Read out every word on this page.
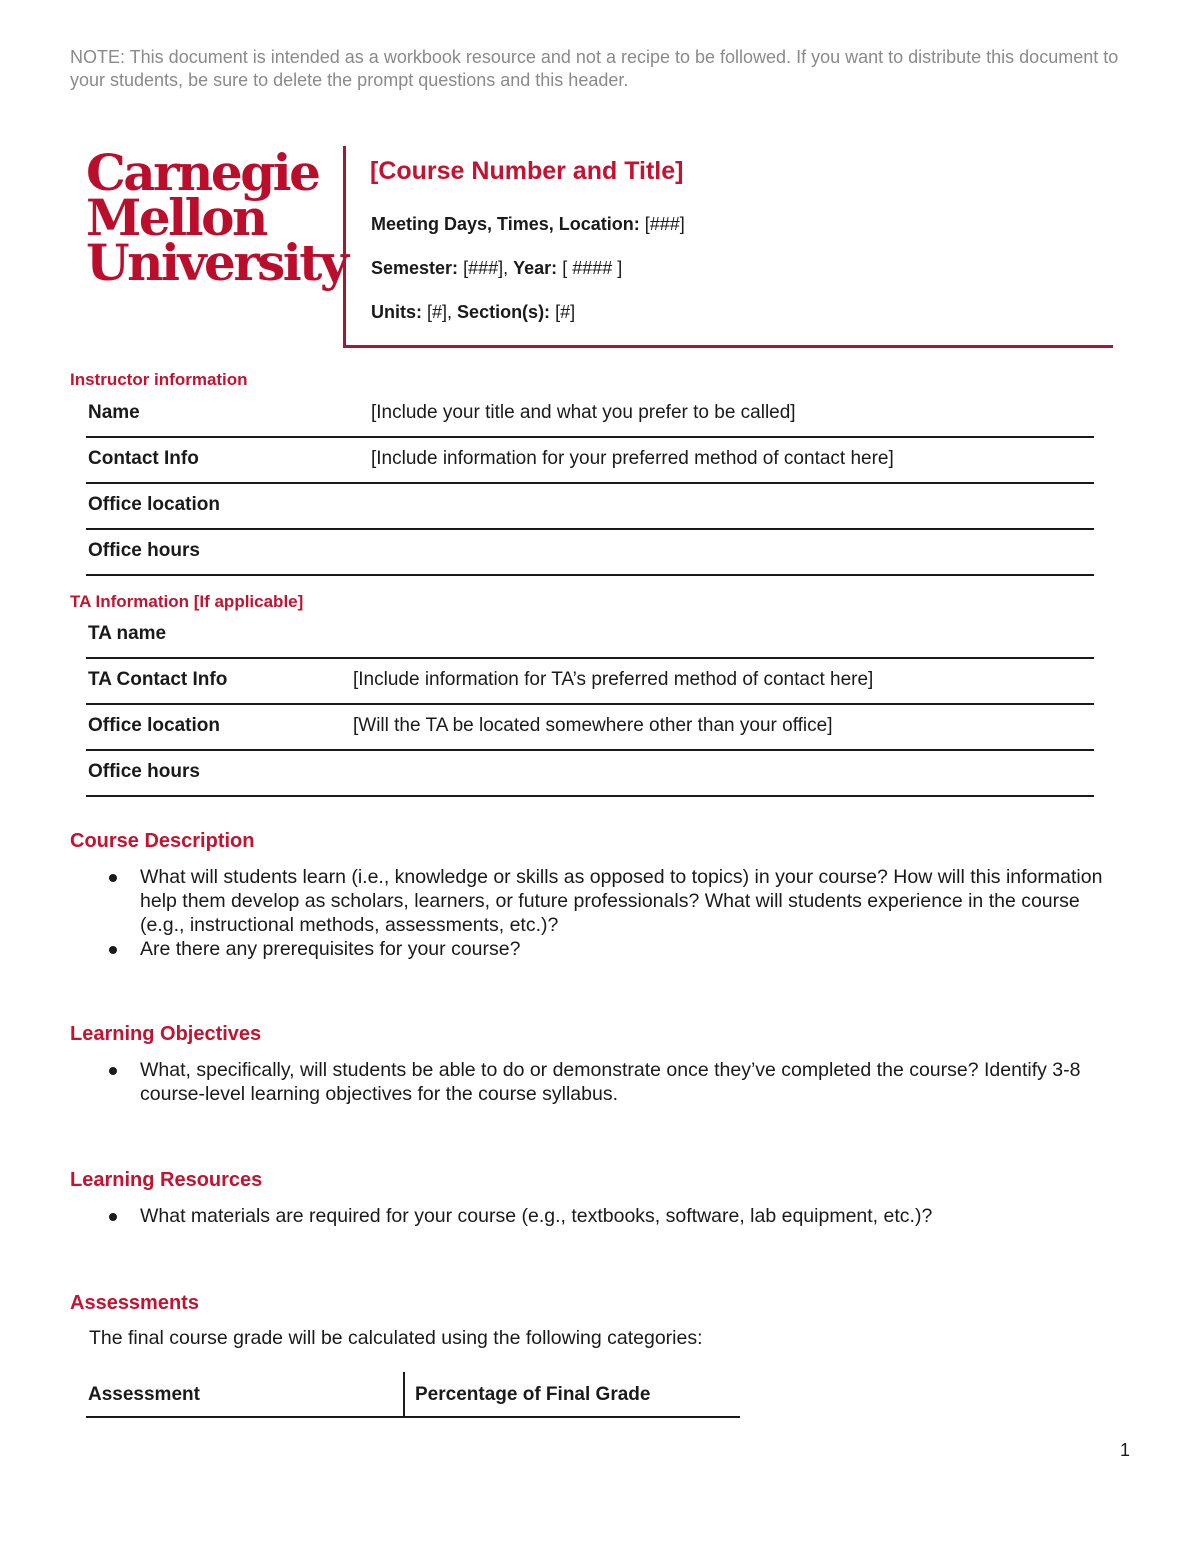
NOTE: This document is intended as a workbook resource and not a recipe to be followed. If you want to distribute this document to your students, be sure to delete the prompt questions and this header.
Carnegie
Mellon
University
[Course Number and Title]
Meeting Days, Times, Location: [###]
Semester: [###], Year: [ #### ]
Units: [#], Section(s): [#]
Instructor information
Name	[Include your title and what you prefer to be called]
Contact Info	[Include information for your preferred method of contact here]
Office location
Office hours
TA Information [If applicable]
TA name
TA Contact Info	[Include information for TA’s preferred method of contact here]
Office location	[Will the TA be located somewhere other than your office]
Office hours
Course Description
What will students learn (i.e., knowledge or skills as opposed to topics) in your course? How will this information help them develop as scholars, learners, or future professionals? What will students experience in the course (e.g., instructional methods, assessments, etc.)?
Are there any prerequisites for your course?
Learning Objectives
What, specifically, will students be able to do or demonstrate once they’ve completed the course? Identify 3-8 course-level learning objectives for the course syllabus.
Learning Resources
What materials are required for your course (e.g., textbooks, software, lab equipment, etc.)?
Assessments
The final course grade will be calculated using the following categories:
Assessment	Percentage of Final Grade
1
